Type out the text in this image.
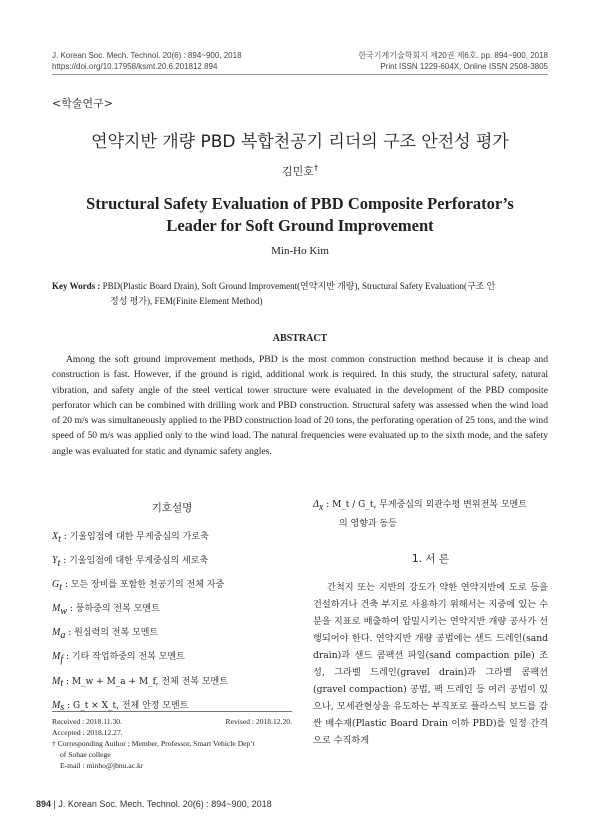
J. Korean Soc. Mech. Technol. 20(6) : 894~900, 2018
https://doi.org/10.17958/ksmt.20.6.201812.894
한국기계기술학회지 제20권 제6호. pp. 894~900, 2018
Print ISSN 1229-604X, Online ISSN 2508-3805
<학술연구>
연약지반 개량 PBD 복합천공기 리더의 구조 안전성 평가
김민호†
Structural Safety Evaluation of PBD Composite Perforator’s
Leader for Soft Ground Improvement
Min-Ho Kim
Key Words : PBD(Plastic Board Drain), Soft Ground Improvement(연약지반 개량), Structural Safety Evaluation(구조 안
정성 평가), FEM(Finite Element Method)
ABSTRACT
Among the soft ground improvement methods, PBD is the most common construction method because it is cheap and construction is fast. However, if the ground is rigid, additional work is required. In this study, the structural safety, natural vibration, and safety angle of the steel vertical tower structure were evaluated in the development of the PBD composite perforator which can be combined with drilling work and PBD construction. Structural safety was assessed when the wind load of 20 m/s was simultaneously applied to the PBD construction load of 20 tons, the perforating operation of 25 tons, and the wind speed of 50 m/s was applied only to the wind load. The natural frequencies were evaluated up to the sixth mode, and the safety angle was evaluated for static and dynamic safety angles.
기호설명
$X_t$ : 기울임점에 대한 무게중심의 가로축
$Y_t$ : 기울임점에 대한 무게중심의 세로축
$G_t$ : 모든 장비를 포함한 천공기의 전체 자중
$M_w$ : 풍하중의 전복 모멘트
$M_a$ : 원심력의 전복 모멘트
$M_f$ : 기타 작업하중의 전복 모멘트
$M_t$ : M_w + M_a + M_f, 전체 전복 모멘트
$M_s$ : G_t × X_t, 전체 안정 모멘트
$\Delta_x$ : M_t / G_t, 무게중심의 외관수평 변위전복 모멘트
의 영향과 동등
1. 서 론
간척지 또는 지반의 강도가 약한 연약지반에 도로 등을 건설하거나 건축 부지로 사용하기 위해서는 지중에 있는 수분을 지표로 배출하여 압밀시키는 연약지반 개량 공사가 선행되어야 한다. 연약지반 개량 공법에는 샌드 드레인(sand drain)과 샌드 콤팩션 파일(sand compaction pile) 조성, 그라벨 드레인(gravel drain)과 그라벨 콤팩션(gravel compaction) 공법, 팩 드레인 등 여러 공법이 있으나, 모세관현상을 유도하는 부직포로 플라스틱 보드를 감싼 배수재(Plastic Board Drain 이하 PBD)를 일정 간격으로 수직하게
Revised : 2018.12.20.
Received : 2018.11.30.
Accepted : 2018.12.27.
† Corresponding Author ; Member, Professor, Smart Vehicle Dep’t
of Sohae college
E-mail : minho@jbnu.ac.kr
894 | J. Korean Soc. Mech. Technol. 20(6) : 894~900, 2018
